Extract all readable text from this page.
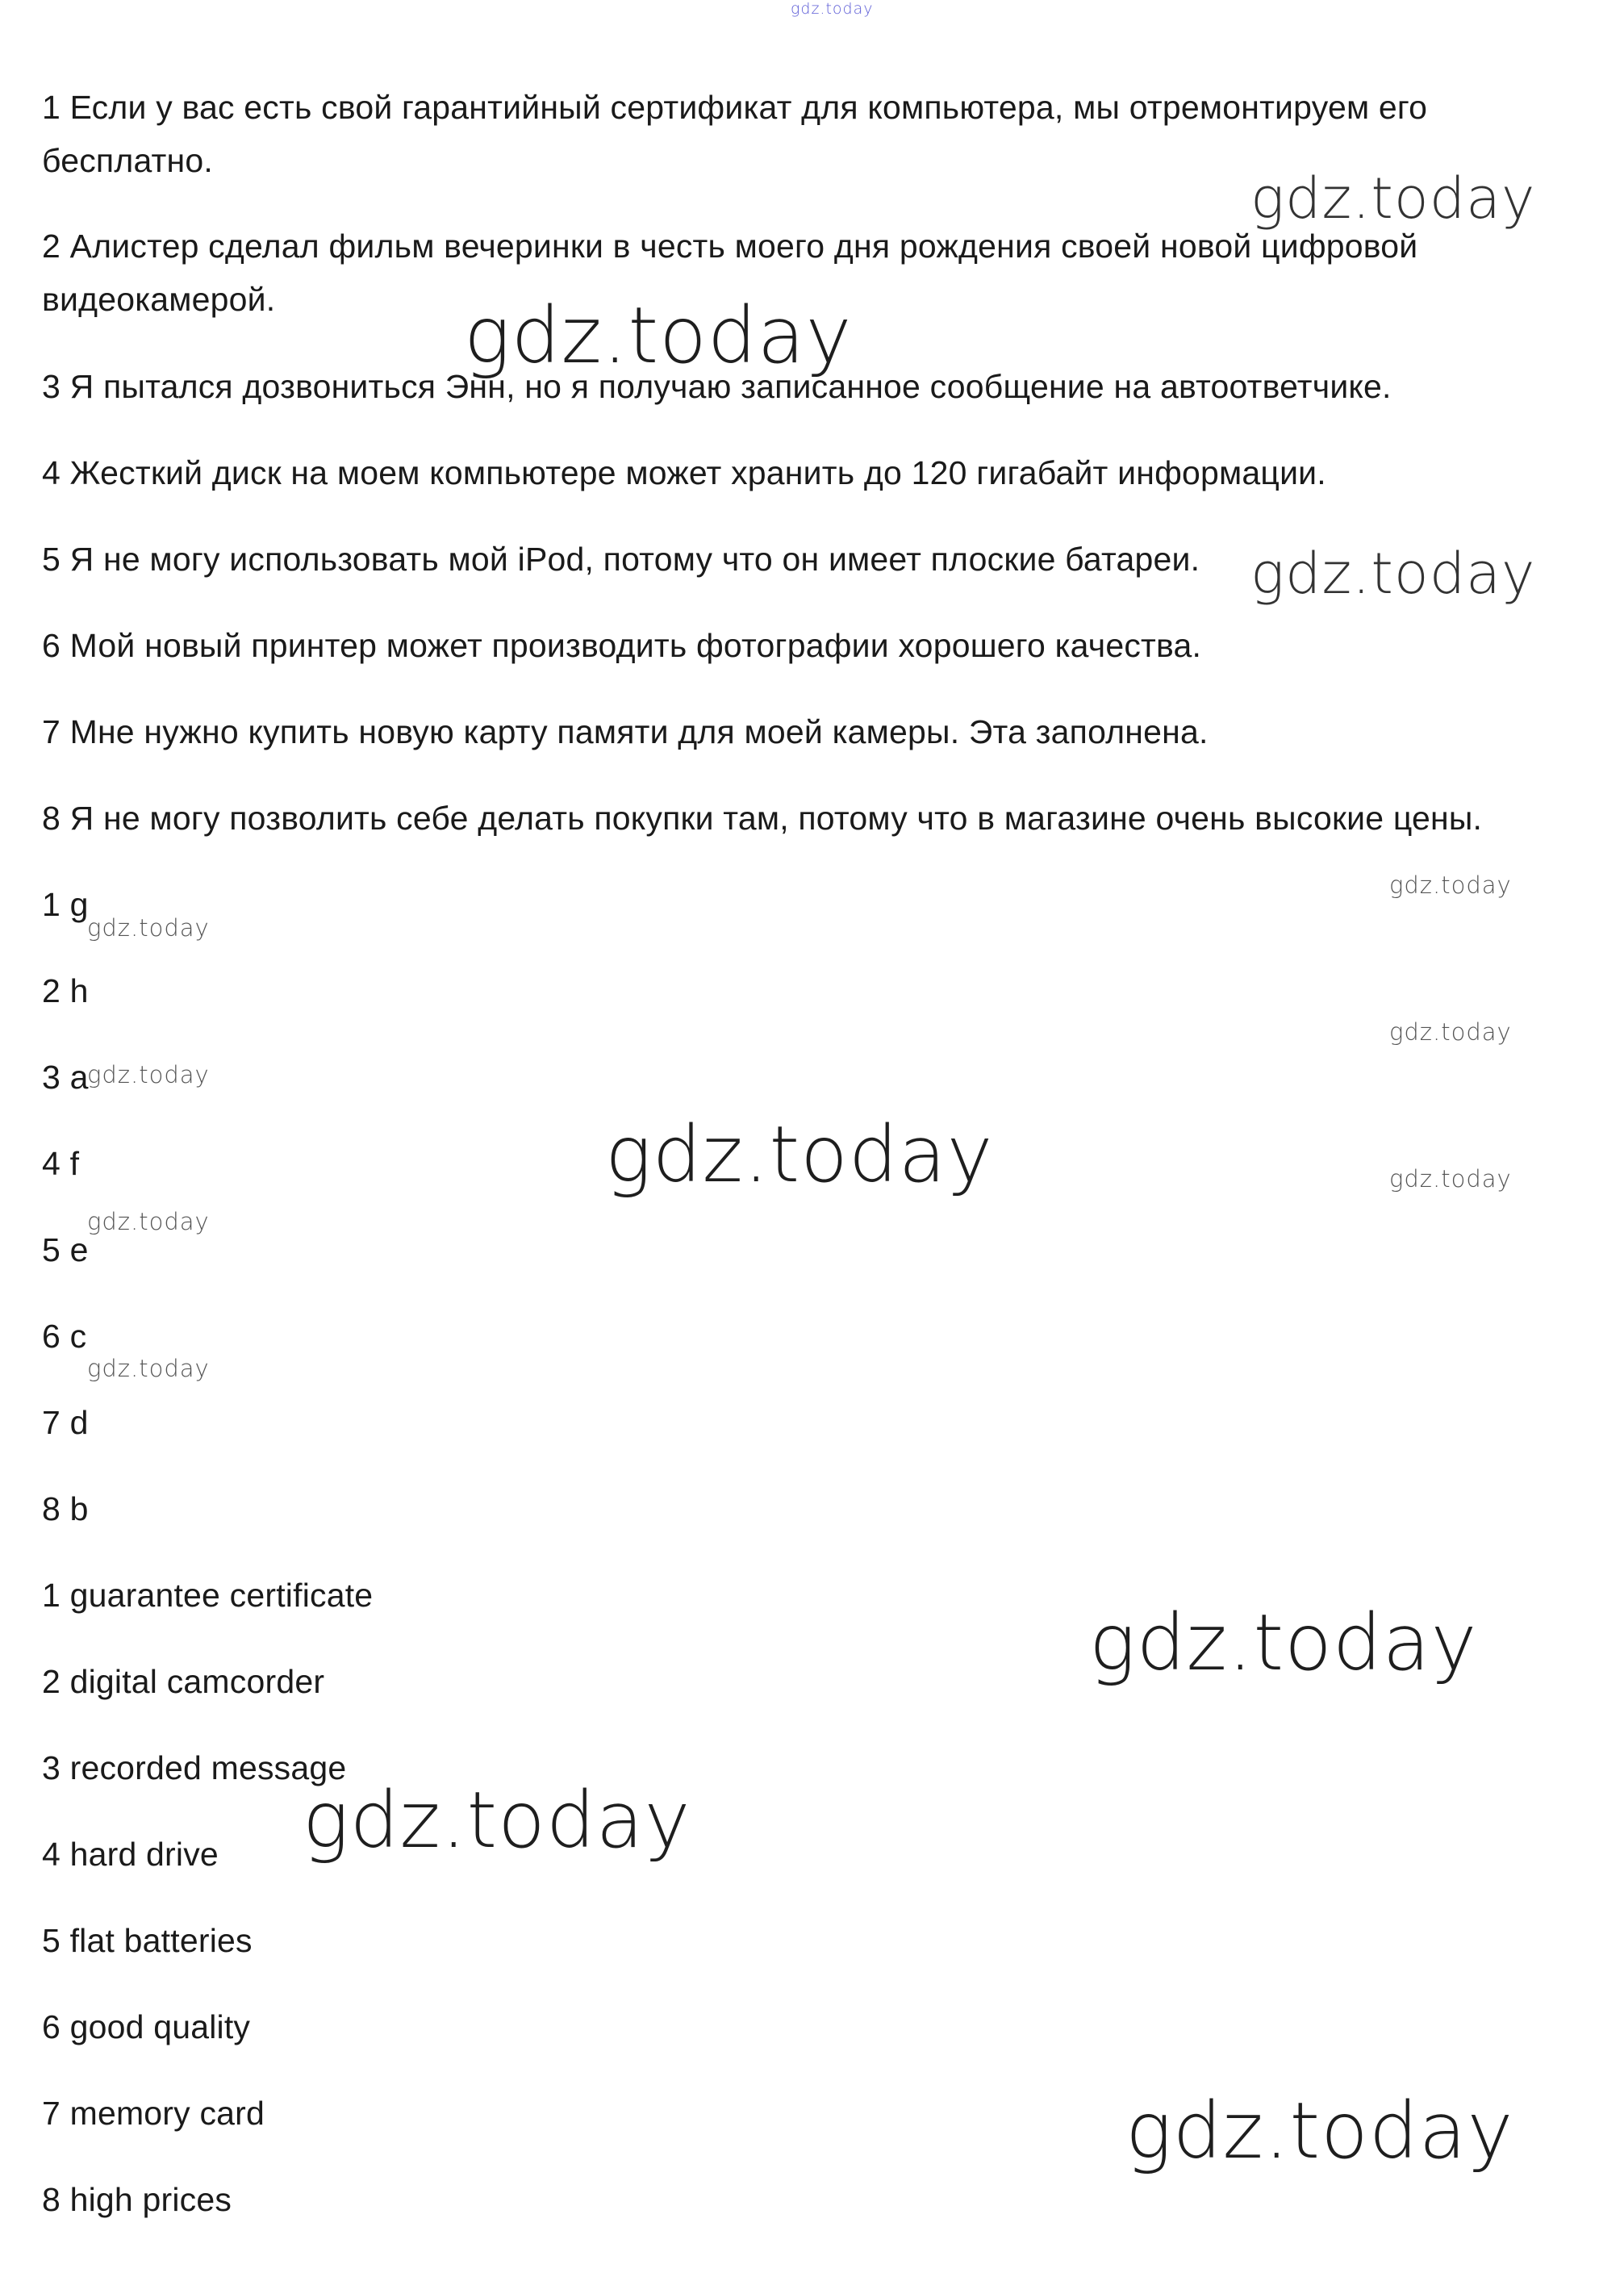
gdz.today
1 Если у вас есть свой гарантийный сертификат для компьютера, мы отремонтируем его
бесплатно.
2 Алистер сделал фильм вечеринки в честь моего дня рождения своей новой цифровой
видеокамерой.
3 Я пытался дозвониться Энн, но я получаю записанное сообщение на автоответчике.
4 Жесткий диск на моем компьютере может хранить до 120 гигабайт информации.
5 Я не могу использовать мой iPod, потому что он имеет плоские батареи.
6 Мой новый принтер может производить фотографии хорошего качества.
7 Мне нужно купить новую карту памяти для моей камеры. Эта заполнена.
8 Я не могу позволить себе делать покупки там, потому что в магазине очень высокие цены.
1 g
2 h
3 a
4 f
5 e
6 c
7 d
8 b
1 guarantee certificate
2 digital camcorder
3 recorded message
4 hard drive
5 flat batteries
6 good quality
7 memory card
8 high prices
gdz.today
gdz.today
gdz.today
gdz.today
gdz.today
gdz.today
gdz.today
gdz.today	gdz.today
gdz.today
gdz.today
gdz.today
gdz.today
gdz.today
